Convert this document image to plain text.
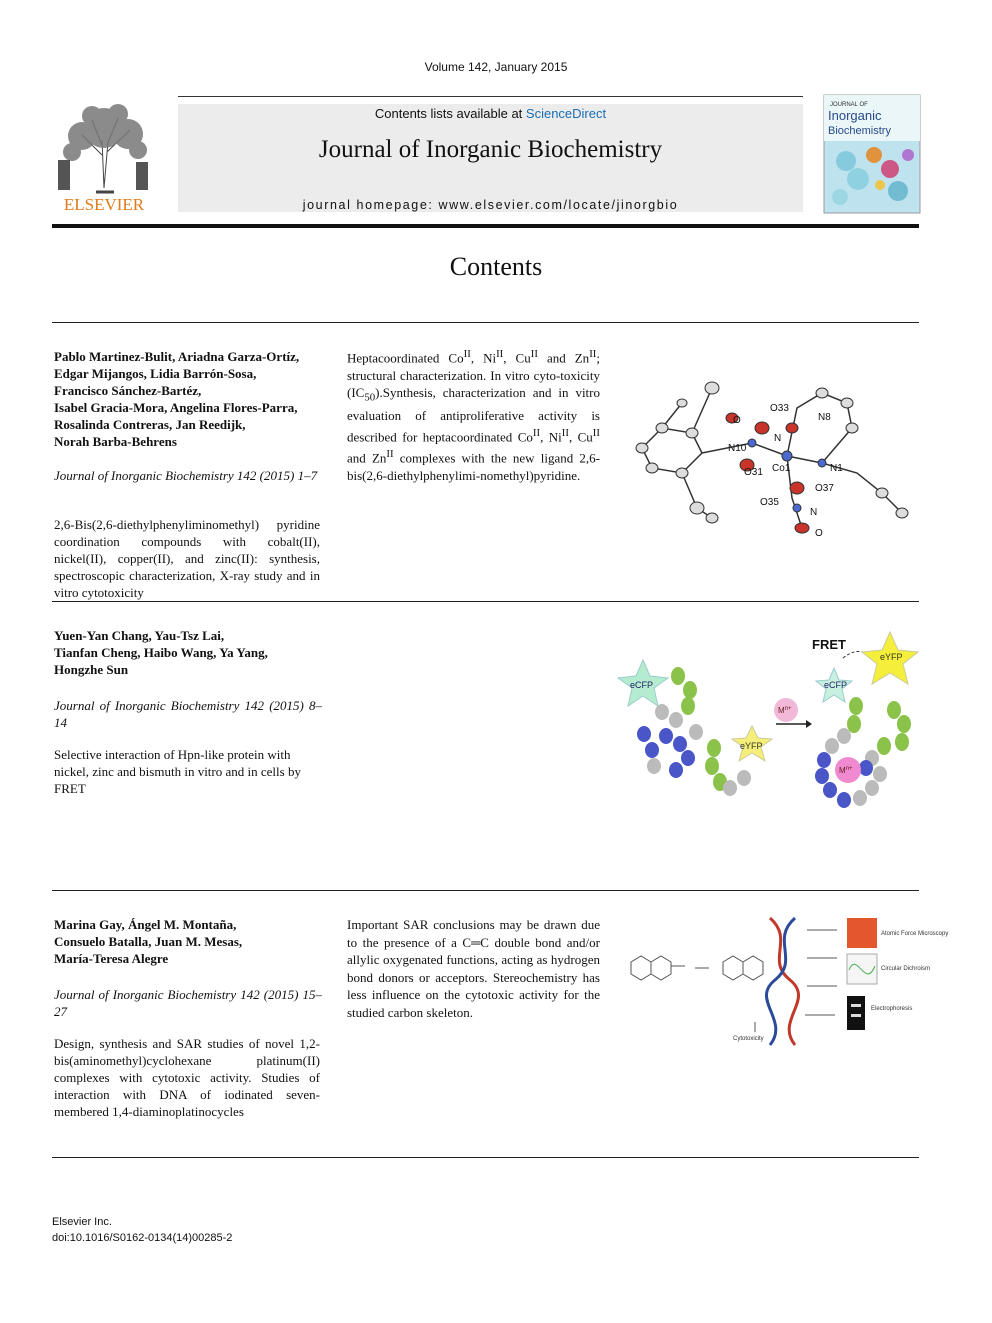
Volume 142, January 2015
ELSEVIER
Contents lists available at ScienceDirect
Journal of Inorganic Biochemistry
journal homepage: www.elsevier.com/locate/jinorgbio
JOURNAL OF
Inorganic
Biochemistry
Contents
Pablo Martinez-Bulit, Ariadna Garza-Ortíz,
Edgar Mijangos, Lidia Barrón-Sosa,
Francisco Sánchez-Bartéz,
Isabel Gracia-Mora, Angelina Flores-Parra,
Rosalinda Contreras, Jan Reedijk,
Norah Barba-Behrens
Journal of Inorganic Biochemistry 142 (2015) 1–7
2,6-Bis(2,6-diethylphenyliminomethyl) pyridine coordination compounds with cobalt(II), nickel(II), copper(II), and zinc(II): synthesis, spectroscopic characterization, X-ray study and in vitro cytotoxicity
Heptacoordinated $Co^{II}$, $Ni^{II}$, $Cu^{II}$ and $Zn^{II}$; structural characterization. In vitro cyto-toxicity $(IC_{50}).Synthesis$, characterization and in vitro evaluation of antiproliferative activity is described for heptacoordinated $Co^{II}$, $Ni^{II}$, $Cu^{II}$ and $Zn^{II}$ complexes with the new ligand 2,6-bis(2,6-diethylphenylimi-nomethyl)pyridine.
O33
N8
N
N10
Co1
O31	N1
O37
O35
N
O
O
Yuen-Yan Chang, Yau-Tsz Lai,
Tianfan Cheng, Haibo Wang, Ya Yang,
Hongzhe Sun
Journal of Inorganic Biochemistry 142 (2015) 8–14
Selective interaction of Hpn-like protein with nickel, zinc and bismuth in vitro and in cells by FRET
eCFP
eYFP
$M^{n+}$
FRET
eYFP
eCFP
$M^{n+}$
Marina Gay, Ángel M. Montaña,
Consuelo Batalla, Juan M. Mesas,
María-Teresa Alegre
Journal of Inorganic Biochemistry 142 (2015) 15–27
Design, synthesis and SAR studies of novel 1,2-bis(aminomethyl)cyclohexane platinum(II) complexes with cytotoxic activity. Studies of interaction with DNA of iodinated seven-membered 1,4-diaminoplatinocycles
Important SAR conclusions may be drawn due to the presence of a C═C double bond and/or allylic oxygenated functions, acting as hydrogen bond donors or acceptors. Stereochemistry has less influence on the cytotoxic activity for the studied carbon skeleton.
Atomic Force Microscopy
Circular Dichroism
Electrophoresis
Cytotoxicity
Elsevier Inc.
doi:10.1016/S0162-0134(14)00285-2
